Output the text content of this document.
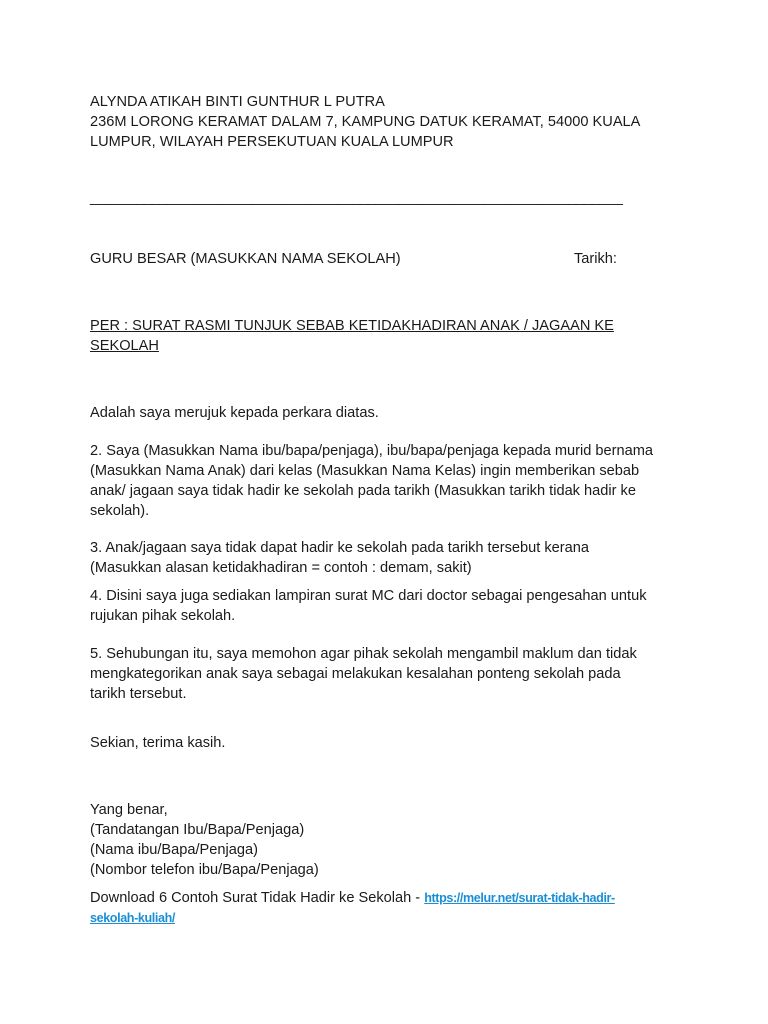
ALYNDA ATIKAH BINTI GUNTHUR L PUTRA
236M LORONG KERAMAT DALAM 7, KAMPUNG DATUK KERAMAT, 54000 KUALA
LUMPUR, WILAYAH PERSEKUTUAN KUALA LUMPUR
_____________________________________________________________________
GURU BESAR (MASUKKAN NAMA SEKOLAH)	Tarikh:
PER : SURAT RASMI TUNJUK SEBAB KETIDAKHADIRAN ANAK / JAGAAN KE
SEKOLAH
Adalah saya merujuk kepada perkara diatas.
2. Saya (Masukkan Nama ibu/bapa/penjaga), ibu/bapa/penjaga kepada murid bernama
(Masukkan Nama Anak) dari kelas (Masukkan Nama Kelas) ingin memberikan sebab
anak/ jagaan saya tidak hadir ke sekolah pada tarikh (Masukkan tarikh tidak hadir ke
sekolah).
3. Anak/jagaan saya tidak dapat hadir ke sekolah pada tarikh tersebut kerana
(Masukkan alasan ketidakhadiran = contoh : demam, sakit)
4. Disini saya juga sediakan lampiran surat MC dari doctor sebagai pengesahan untuk
rujukan pihak sekolah.
5. Sehubungan itu, saya memohon agar pihak sekolah mengambil maklum dan tidak
mengkategorikan anak saya sebagai melakukan kesalahan ponteng sekolah pada
tarikh tersebut.
Sekian, terima kasih.
Yang benar,
(Tandatangan Ibu/Bapa/Penjaga)
(Nama ibu/Bapa/Penjaga)
(Nombor telefon ibu/Bapa/Penjaga)
Download 6 Contoh Surat Tidak Hadir ke Sekolah - https://melur.net/surat-tidak-hadir-
sekolah-kuliah/
